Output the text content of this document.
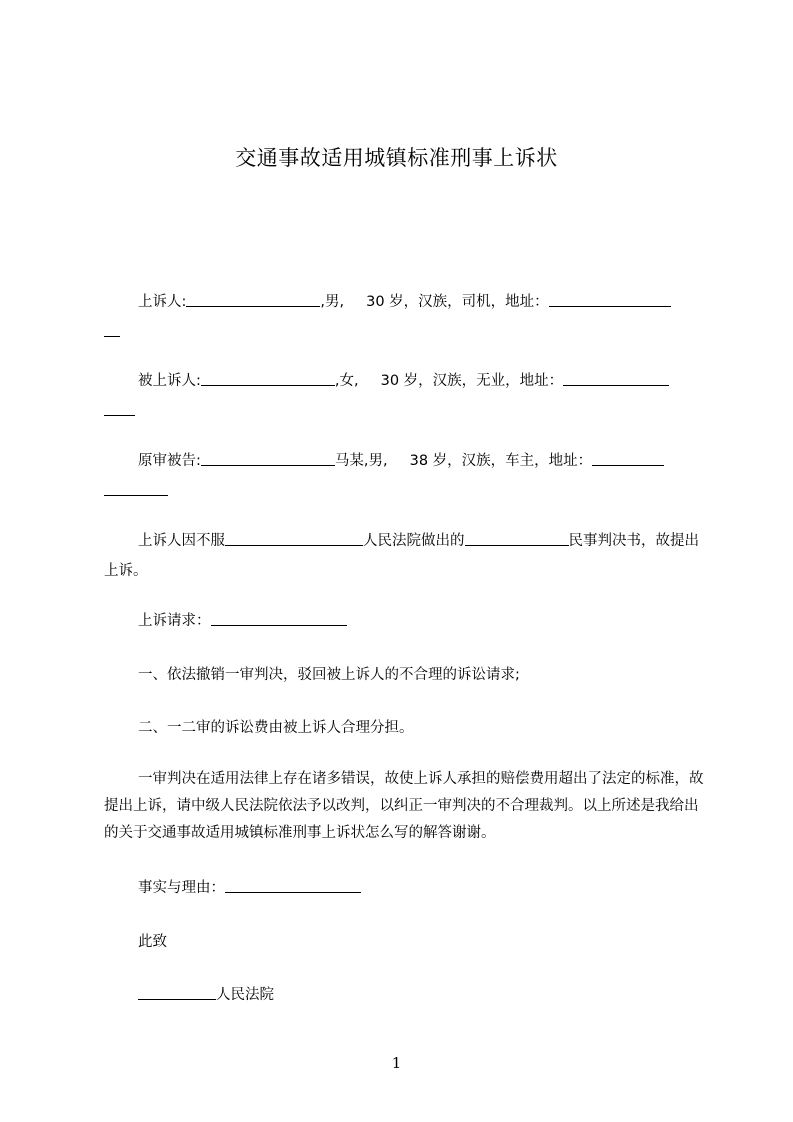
交通事故适用城镇标准刑事上诉状
上诉人:	,男, 30 岁，汉族，司机，地址：

被上诉人:	,女, 30 岁，汉族，无业，地址：

原审被告:	马某,男, 38 岁，汉族，车主，地址：

上诉人因不服	人民法院做出的	民事判决书，故提出上诉。
上诉请求：
一、依法撤销一审判决，驳回被上诉人的不合理的诉讼请求;
二、一二审的诉讼费由被上诉人合理分担。
一审判决在适用法律上存在诸多错误，故使上诉人承担的赔偿费用超出了法定的标准，故提出上诉，请中级人民法院依法予以改判，以纠正一审判决的不合理裁判。以上所述是我给出的关于交通事故适用城镇标准刑事上诉状怎么写的解答谢谢。
事实与理由：
此致
人民法院
1
